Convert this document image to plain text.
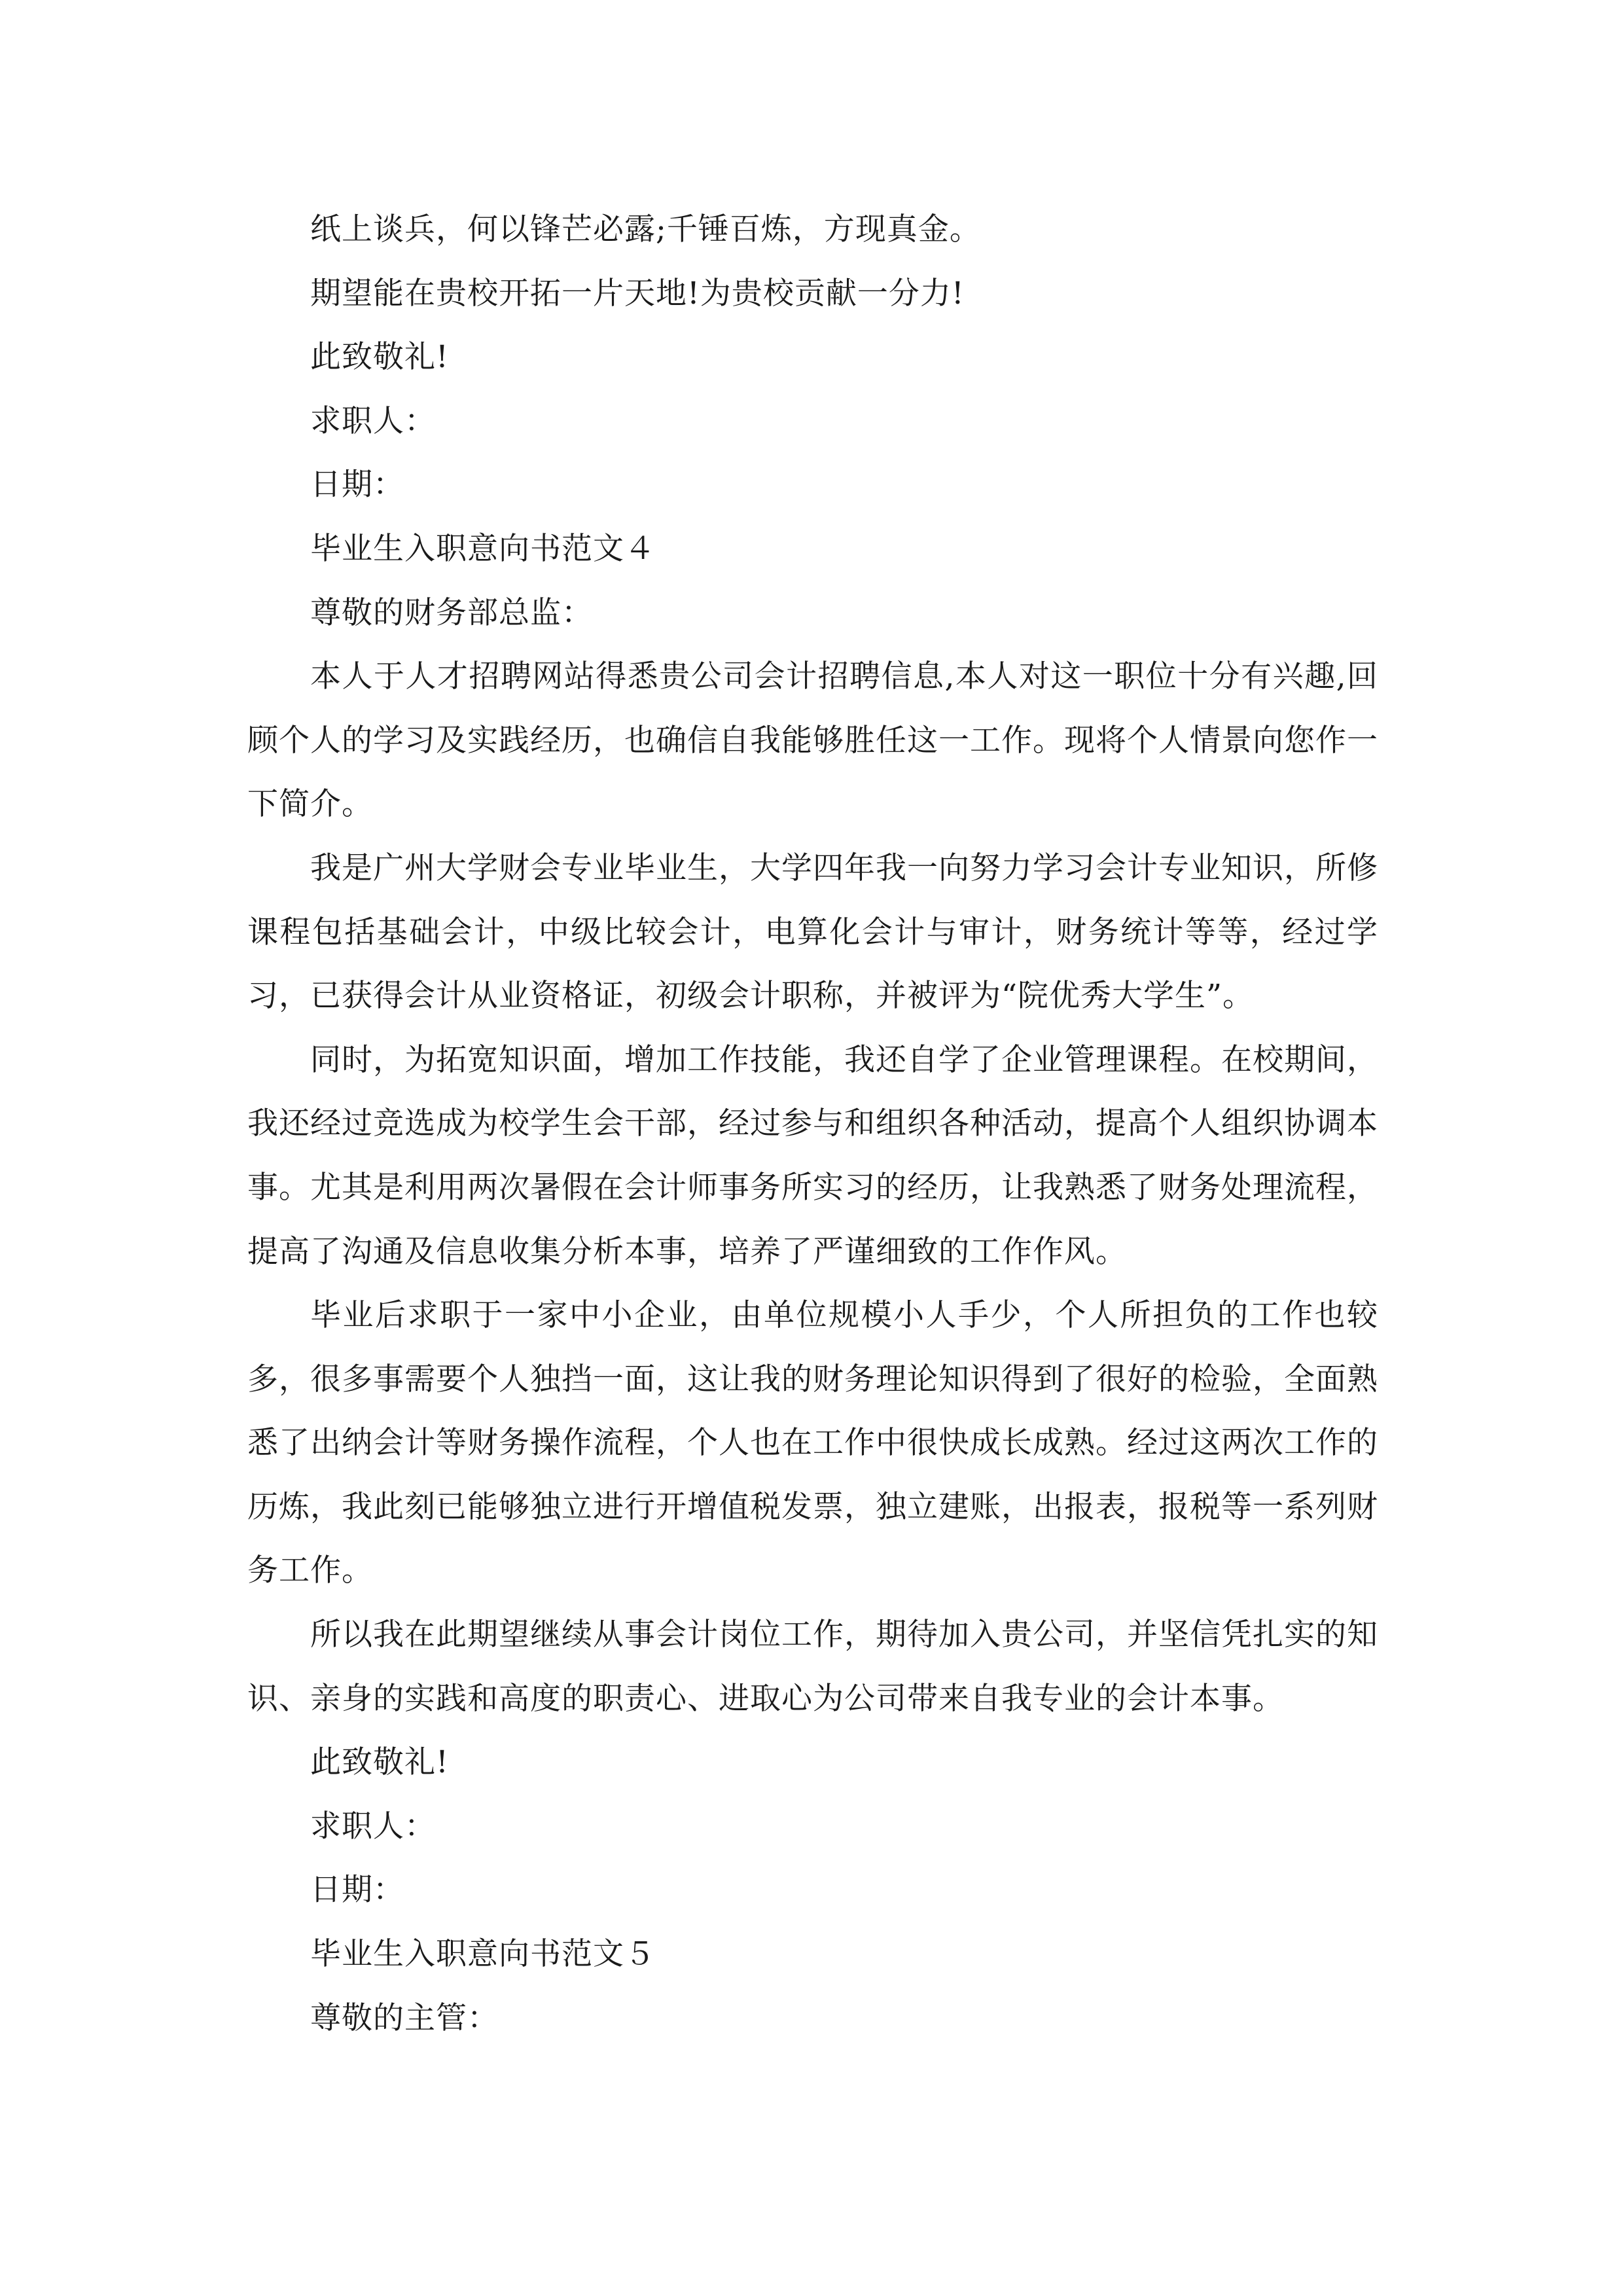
纸上谈兵，何以锋芒必露;千锤百炼，方现真金。

期望能在贵校开拓一片天地!为贵校贡献一分力!

此致敬礼!

求职人：

日期：

毕业生入职意向书范文４

尊敬的财务部总监：

本人于人才招聘网站得悉贵公司会计招聘信息,本人对这一职位十分有兴趣,回顾个人的学习及实践经历，也确信自我能够胜任这一工作。现将个人情景向您作一下简介。

我是广州大学财会专业毕业生，大学四年我一向努力学习会计专业知识，所修课程包括基础会计，中级比较会计，电算化会计与审计，财务统计等等，经过学习，已获得会计从业资格证，初级会计职称，并被评为“院优秀大学生”。

同时，为拓宽知识面，增加工作技能，我还自学了企业管理课程。在校期间，我还经过竞选成为校学生会干部，经过参与和组织各种活动，提高个人组织协调本事。尤其是利用两次暑假在会计师事务所实习的经历，让我熟悉了财务处理流程，提高了沟通及信息收集分析本事，培养了严谨细致的工作作风。

毕业后求职于一家中小企业，由单位规模小人手少，个人所担负的工作也较多，很多事需要个人独挡一面，这让我的财务理论知识得到了很好的检验，全面熟悉了出纳会计等财务操作流程，个人也在工作中很快成长成熟。经过这两次工作的历炼，我此刻已能够独立进行开增值税发票，独立建账，出报表，报税等一系列财务工作。

所以我在此期望继续从事会计岗位工作，期待加入贵公司，并坚信凭扎实的知识、亲身的实践和高度的职责心、进取心为公司带来自我专业的会计本事。

此致敬礼!

求职人：

日期：

毕业生入职意向书范文５

尊敬的主管：
